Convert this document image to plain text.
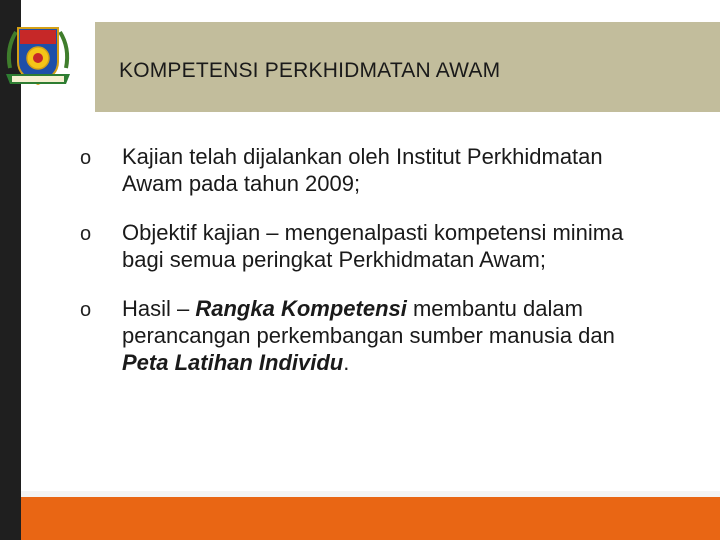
KOMPETENSI PERKHIDMATAN AWAM
o	Kajian telah dijalankan oleh Institut Perkhidmatan Awam pada tahun 2009;
o	Objektif kajian – mengenalpasti kompetensi minima bagi semua peringkat Perkhidmatan Awam;
o	Hasil – Rangka Kompetensi membantu dalam perancangan perkembangan sumber manusia dan Peta Latihan Individu.
